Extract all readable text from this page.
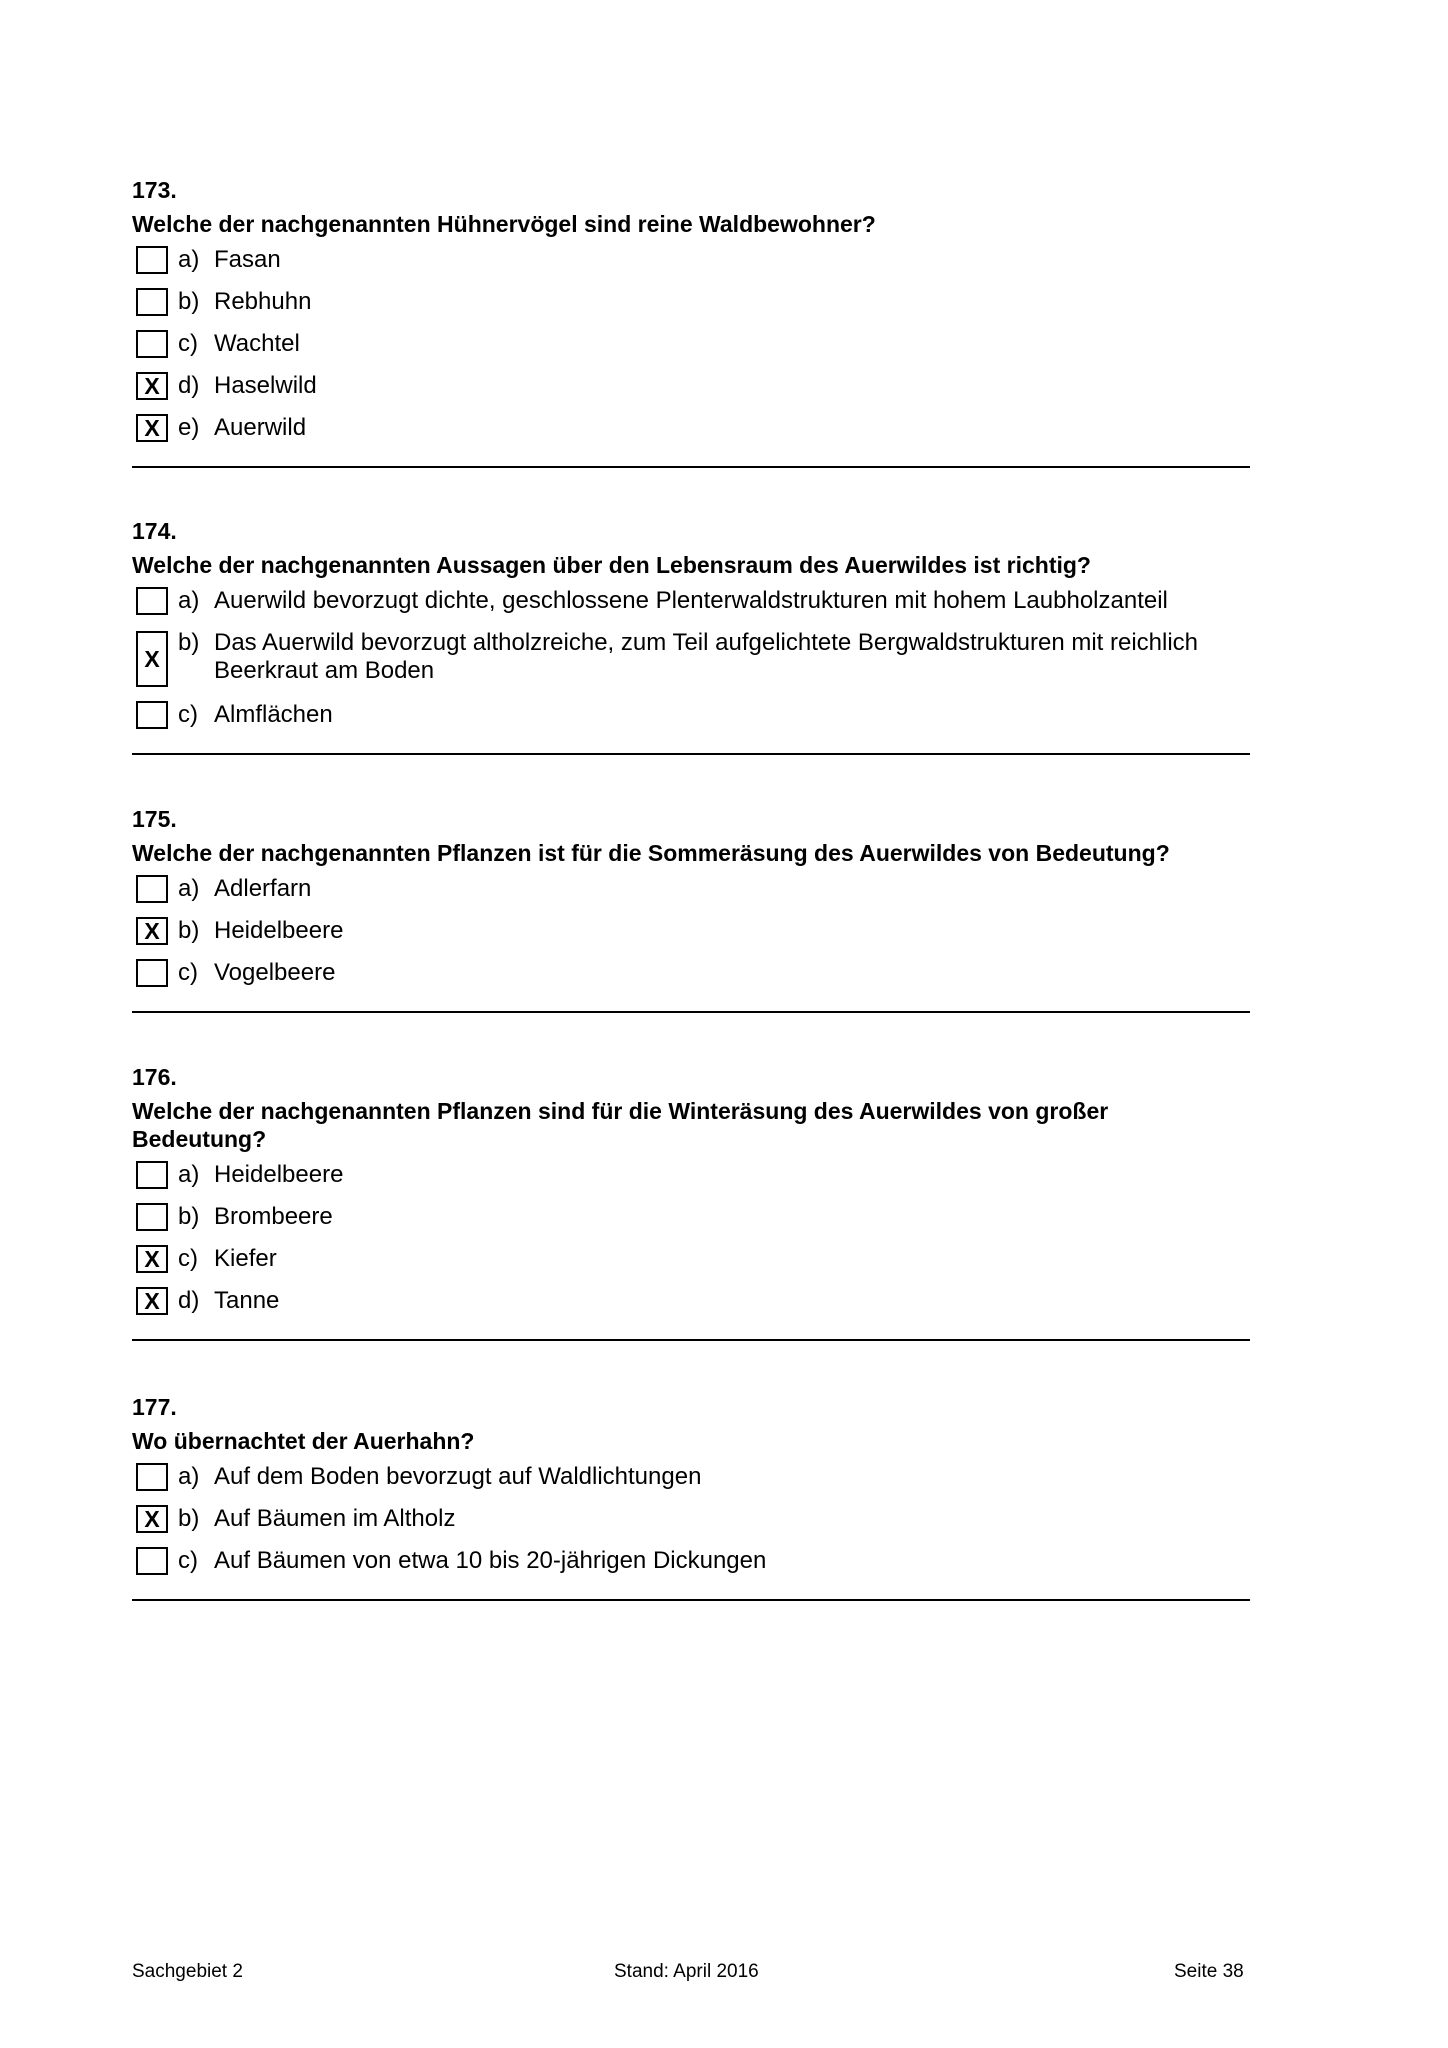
173.
Welche der nachgenannten Hühnervögel sind reine Waldbewohner?
a) Fasan
b) Rebhuhn
c) Wachtel
X d) Haselwild
X e) Auerwild
174.
Welche der nachgenannten Aussagen über den Lebensraum des Auerwildes ist richtig?
a) Auerwild bevorzugt dichte, geschlossene Plenterwaldstrukturen mit hohem Laubholzanteil
X
b) Das Auerwild bevorzugt altholzreiche, zum Teil aufgelichtete Bergwaldstrukturen mit reichlich Beerkraut am Boden
c) Almflächen
175.
Welche der nachgenannten Pflanzen ist für die Sommeräsung des Auerwildes von Bedeutung?
a) Adlerfarn
X b) Heidelbeere
c) Vogelbeere
176.
Welche der nachgenannten Pflanzen sind für die Winteräsung des Auerwildes von großer Bedeutung?
a) Heidelbeere
b) Brombeere
X c) Kiefer
X d) Tanne
177.
Wo übernachtet der Auerhahn?
a) Auf dem Boden bevorzugt auf Waldlichtungen
X b) Auf Bäumen im Altholz
c) Auf Bäumen von etwa 10 bis 20-jährigen Dickungen
Sachgebiet 2	Stand: April 2016	Seite 38
